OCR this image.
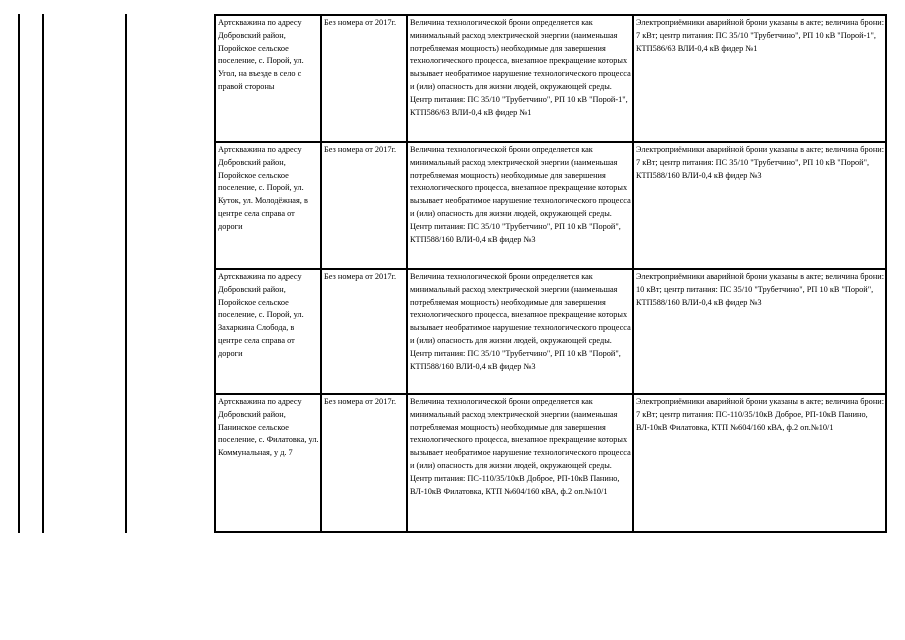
Артскважина по адресу Добровский район, Поройское сельское поселение, с. Порой, ул. Угол, на въезде в село с правой стороны	Без номера от 2017г.	Величина технологической брони определяется как минимальный расход электрической энергии (наименьшая потребляемая мощность) необходимые для завершения технологического процесса, внезапное прекращение которых вызывает необратимое нарушение технологического процесса и (или) опасность для жизни людей, окружающей среды. Центр питания: ПС 35/10 "Трубетчино", РП 10 кВ "Порой-1", КТП586/63 ВЛИ-0,4 кВ фидер №1	Электроприёмники аварийной брони указаны в акте; величина брони: 7 кВт; центр питания: ПС 35/10 "Трубетчино", РП 10 кВ "Порой-1", КТП586/63 ВЛИ-0,4 кВ фидер №1
Артскважина по адресу Добровский район, Поройское сельское поселение, с. Порой, ул. Куток, ул. Молодёжная, в центре села справа от дороги	Без номера от 2017г.	Величина технологической брони определяется как минимальный расход электрической энергии (наименьшая потребляемая мощность) необходимые для завершения технологического процесса, внезапное прекращение которых вызывает необратимое нарушение технологического процесса и (или) опасность для жизни людей, окружающей среды. Центр питания: ПС 35/10 "Трубетчино", РП 10 кВ "Порой", КТП588/160 ВЛИ-0,4 кВ фидер №3	Электроприёмники аварийной брони указаны в акте; величина брони: 7 кВт; центр питания: ПС 35/10 "Трубетчино", РП 10 кВ "Порой", КТП588/160 ВЛИ-0,4 кВ фидер №3
Артскважина по адресу Добровский район, Поройское сельское поселение, с. Порой, ул. Захаркина Слобода, в центре села справа от дороги	Без номера от 2017г.	Величина технологической брони определяется как минимальный расход электрической энергии (наименьшая потребляемая мощность) необходимые для завершения технологического процесса, внезапное прекращение которых вызывает необратимое нарушение технологического процесса и (или) опасность для жизни людей, окружающей среды. Центр питания: ПС 35/10 "Трубетчино", РП 10 кВ "Порой", КТП588/160 ВЛИ-0,4 кВ фидер №3	Электроприёмники аварийной брони указаны в акте; величина брони: 10 кВт; центр питания: ПС 35/10 "Трубетчино", РП 10 кВ "Порой", КТП588/160 ВЛИ-0,4 кВ фидер №3
Артскважина по адресу Добровский район, Панинское сельское поселение, с. Филатовка, ул. Коммунальная, у д. 7	Без номера от 2017г.	Величина технологической брони определяется как минимальный расход электрической энергии (наименьшая потребляемая мощность) необходимые для завершения технологического процесса, внезапное прекращение которых вызывает необратимое нарушение технологического процесса и (или) опасность для жизни людей, окружающей среды. Центр питания: ПС-110/35/10кВ Доброе, РП-10кВ Панино, ВЛ-10кВ Филатовка, КТП №604/160 кВА, ф.2 оп.№10/1	Электроприёмники аварийной брони указаны в акте; величина брони: 7 кВт; центр питания: ПС-110/35/10кВ Доброе, РП-10кВ Панино, ВЛ-10кВ Филатовка, КТП №604/160 кВА, ф.2 оп.№10/1
